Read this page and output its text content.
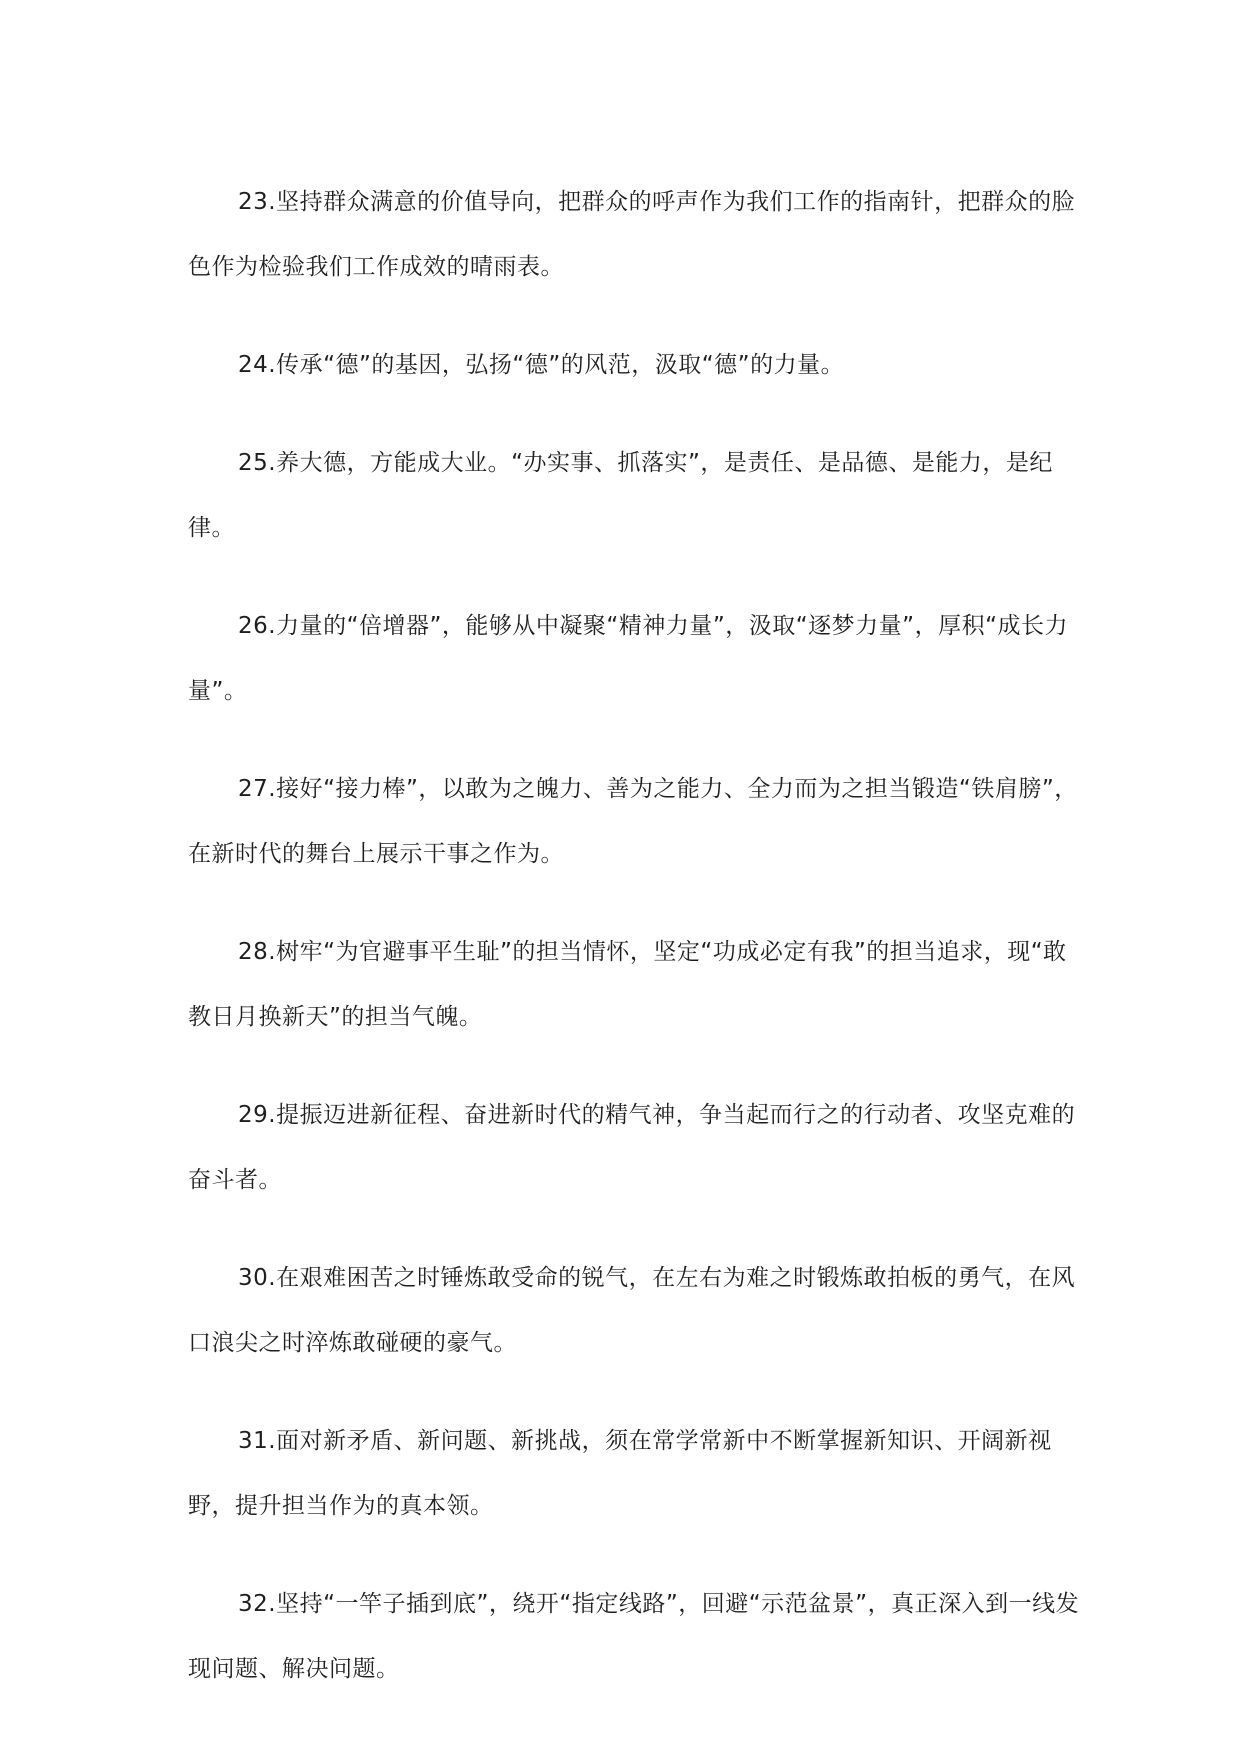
23.坚持群众满意的价值导向，把群众的呼声作为我们工作的指南针，把群众的脸色作为检验我们工作成效的晴雨表。

24.传承“德”的基因，弘扬“德”的风范，汲取“德”的力量。

25.养大德，方能成大业。“办实事、抓落实”，是责任、是品德、是能力，是纪律。

26.力量的“倍增器”，能够从中凝聚“精神力量”，汲取“逐梦力量”，厚积“成长力量”。

27.接好“接力棒”，以敢为之魄力、善为之能力、全力而为之担当锻造“铁肩膀”，在新时代的舞台上展示干事之作为。

28.树牢“为官避事平生耻”的担当情怀，坚定“功成必定有我”的担当追求，现“敢教日月换新天”的担当气魄。

29.提振迈进新征程、奋进新时代的精气神，争当起而行之的行动者、攻坚克难的奋斗者。

30.在艰难困苦之时锤炼敢受命的锐气，在左右为难之时锻炼敢拍板的勇气，在风口浪尖之时淬炼敢碰硬的豪气。

31.面对新矛盾、新问题、新挑战，须在常学常新中不断掌握新知识、开阔新视野，提升担当作为的真本领。

32.坚持“一竿子插到底”，绕开“指定线路”，回避“示范盆景”，真正深入到一线发现问题、解决问题。
